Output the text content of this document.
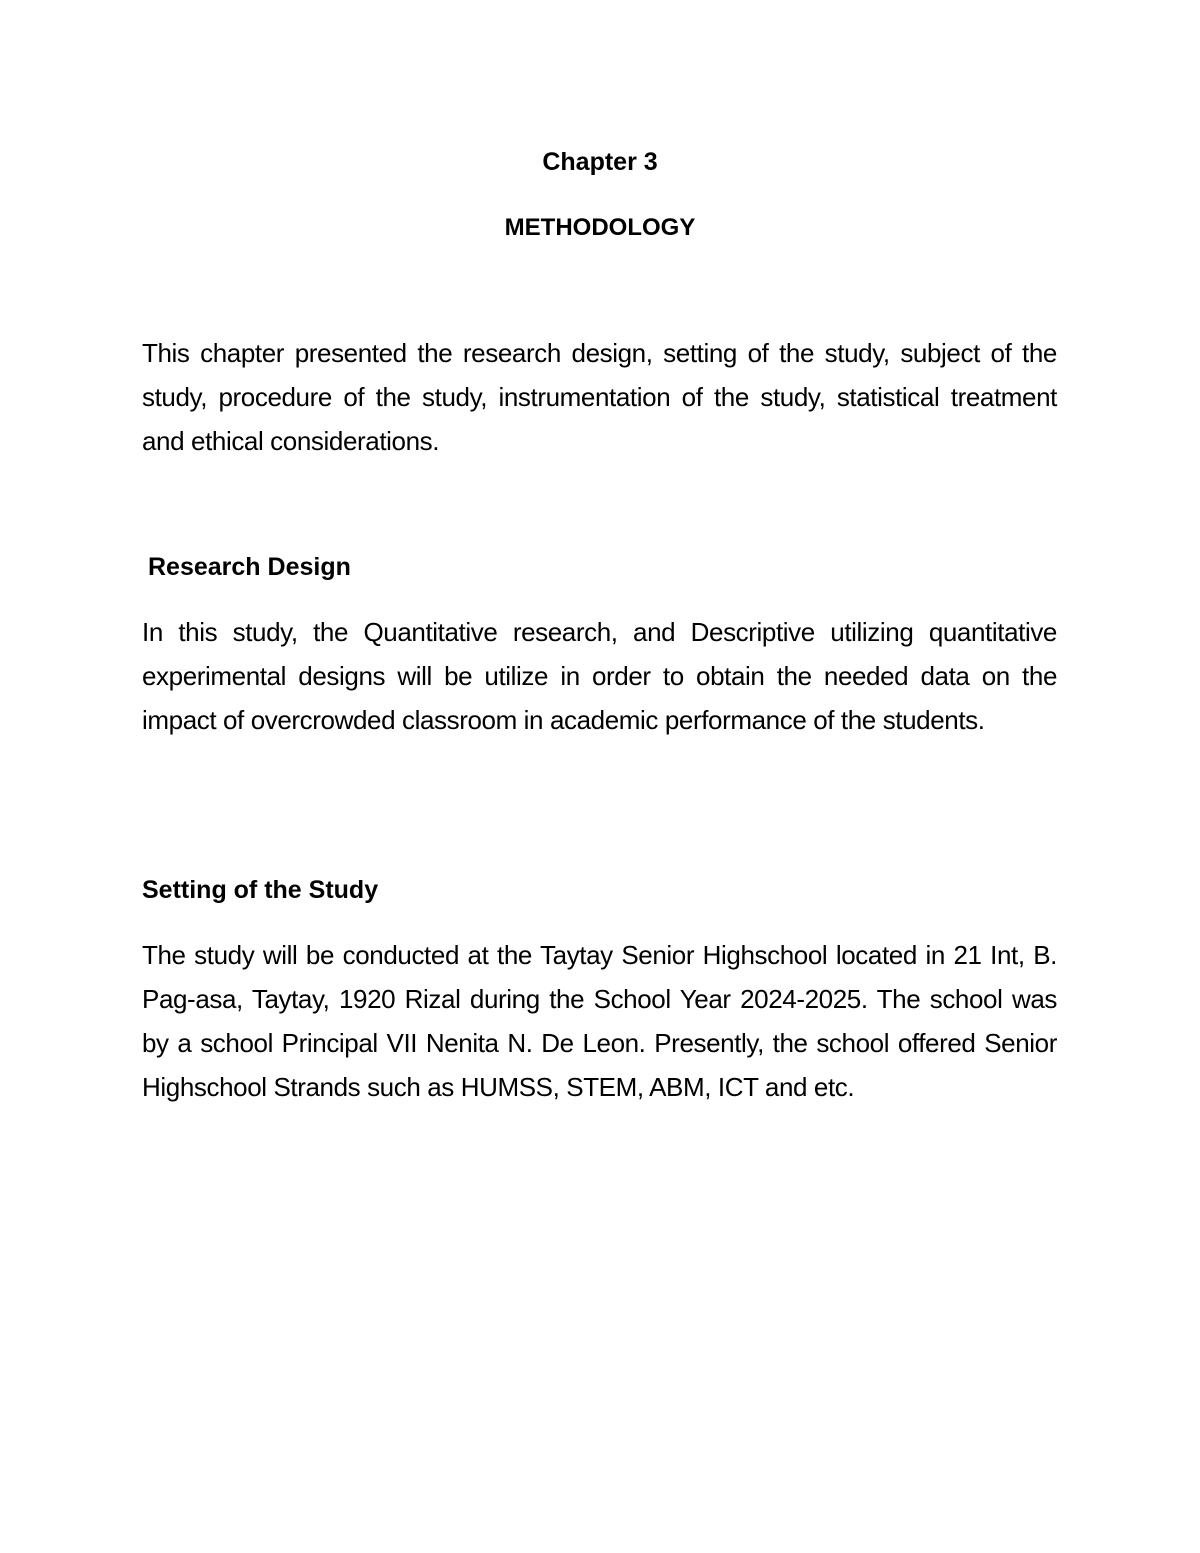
Chapter 3
METHODOLOGY

This chapter presented the research design, setting of the study, subject of the study, procedure of the study, instrumentation of the study, statistical treatment and ethical considerations.

Research Design

In this study, the Quantitative research, and Descriptive utilizing quantitative experimental designs will be utilize in order to obtain the needed data on the impact of overcrowded classroom in academic performance of the students.

Setting of the Study

The study will be conducted at the Taytay Senior Highschool located in 21 Int, B. Pag-asa, Taytay, 1920 Rizal during the School Year 2024-2025. The school was by a school Principal VII Nenita N. De Leon. Presently, the school offered Senior Highschool Strands such as HUMSS, STEM, ABM, ICT and etc.
